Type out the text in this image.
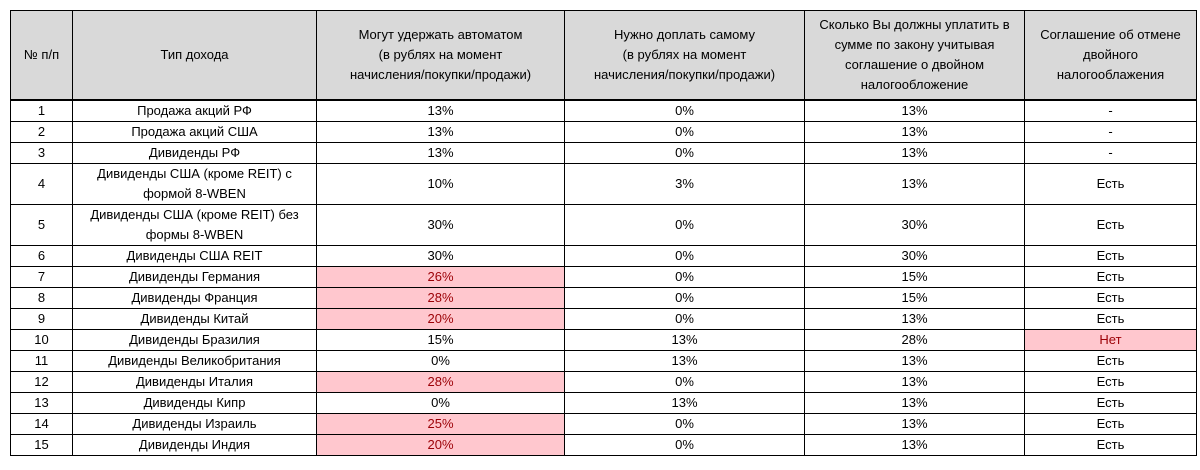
№ п/п	Тип дохода	Могут удержать автоматом
(в рублях на момент
начисления/покупки/продажи)	Нужно доплать самому
(в рублях на момент
начисления/покупки/продажи)	Сколько Вы должны уплатить в
сумме по закону учитывая
соглашение о двойном
налогообложение	Соглашение об отмене
двойного
налогооблажения
1	Продажа акций РФ	13%	0%	13%	-
2	Продажа акций США	13%	0%	13%	-
3	Дивиденды РФ	13%	0%	13%	-
4	Дивиденды США (кроме REIT) с
формой 8-WBEN	10%	3%	13%	Есть
5	Дивиденды США (кроме REIT) без
формы 8-WBEN	30%	0%	30%	Есть
6	Дивиденды США REIT	30%	0%	30%	Есть
7	Дивиденды Германия	26%	0%	15%	Есть
8	Дивиденды Франция	28%	0%	15%	Есть
9	Дивиденды Китай	20%	0%	13%	Есть
10	Дивиденды Бразилия	15%	13%	28%	Нет
11	Дивиденды Великобритания	0%	13%	13%	Есть
12	Дивиденды Италия	28%	0%	13%	Есть
13	Дивиденды Кипр	0%	13%	13%	Есть
14	Дивиденды Израиль	25%	0%	13%	Есть
15	Дивиденды Индия	20%	0%	13%	Есть
